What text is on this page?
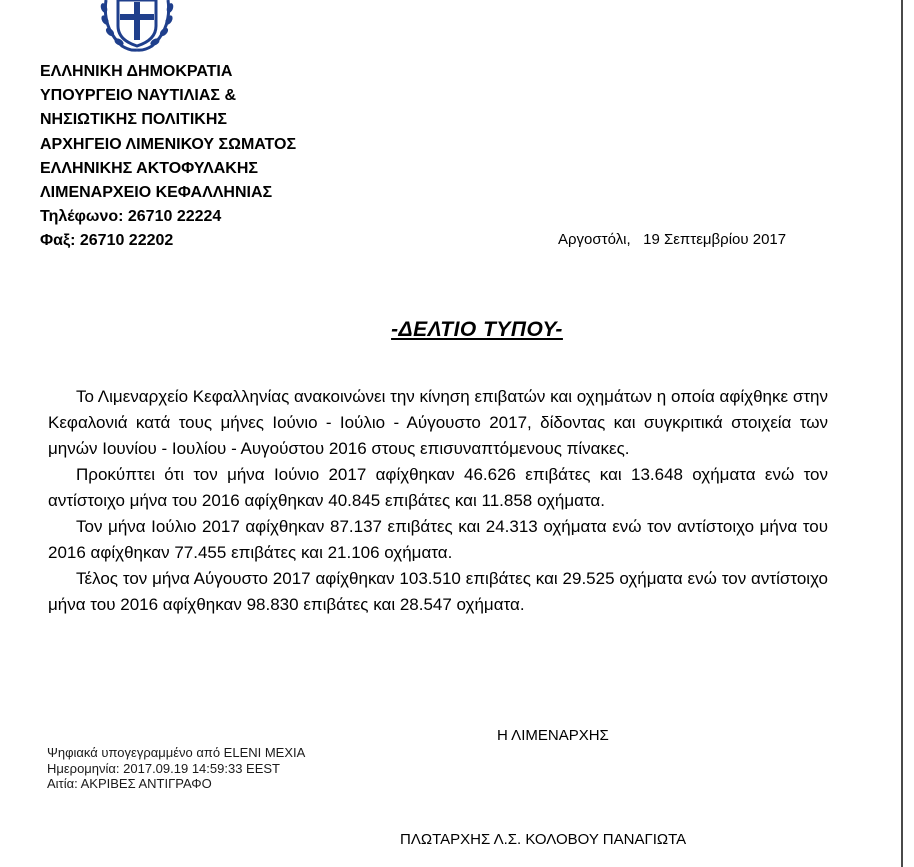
ΕΛΛΗΝΙΚΗ ΔΗΜΟΚΡΑΤΙΑ
ΥΠΟΥΡΓΕΙΟ ΝΑΥΤΙΛΙΑΣ &
ΝΗΣΙΩΤΙΚΗΣ ΠΟΛΙΤΙΚΗΣ
ΑΡΧΗΓΕΙΟ ΛΙΜΕΝΙΚΟΥ ΣΩΜΑΤΟΣ
ΕΛΛΗΝΙΚΗΣ ΑΚΤΟΦΥΛΑΚΗΣ
ΛΙΜΕΝΑΡΧΕΙΟ ΚΕΦΑΛΛΗΝΙΑΣ
Τηλέφωνο: 26710 22224
Φαξ: 26710 22202	Αργοστόλι,   19 Σεπτεμβρίου 2017
-ΔΕΛΤΙΟ ΤΥΠΟΥ-

Το Λιμεναρχείο Κεφαλληνίας ανακοινώνει την κίνηση επιβατών και οχημάτων η οποία αφίχθηκε στην Κεφαλονιά κατά τους μήνες Ιούνιο - Ιούλιο - Αύγουστο 2017, δίδοντας και συγκριτικά στοιχεία των μηνών Ιουνίου - Ιουλίου - Αυγούστου 2016 στους επισυναπτόμενους πίνακες.

Προκύπτει ότι τον μήνα Ιούνιο 2017 αφίχθηκαν 46.626 επιβάτες και 13.648 οχήματα ενώ τον αντίστοιχο μήνα του 2016 αφίχθηκαν 40.845 επιβάτες και 11.858 οχήματα.

Τον μήνα Ιούλιο 2017 αφίχθηκαν 87.137 επιβάτες και 24.313 οχήματα ενώ τον αντίστοιχο μήνα του 2016 αφίχθηκαν 77.455 επιβάτες και 21.106 οχήματα.

Τέλος τον μήνα Αύγουστο 2017 αφίχθηκαν 103.510 επιβάτες και 29.525 οχήματα ενώ τον αντίστοιχο μήνα του 2016 αφίχθηκαν 98.830 επιβάτες και 28.547 οχήματα.

Η ΛΙΜΕΝΑΡΧΗΣ
Ψηφιακά υπογεγραμμένο από ELENI MEXIA
Ημερομηνία: 2017.09.19 14:59:33 EEST
Αιτία: ΑΚΡΙΒΕΣ ΑΝΤΙΓΡΑΦΟ
ΠΛΩΤΑΡΧΗΣ Λ.Σ. ΚΟΛΟΒΟΥ ΠΑΝΑΓΙΩΤΑ
